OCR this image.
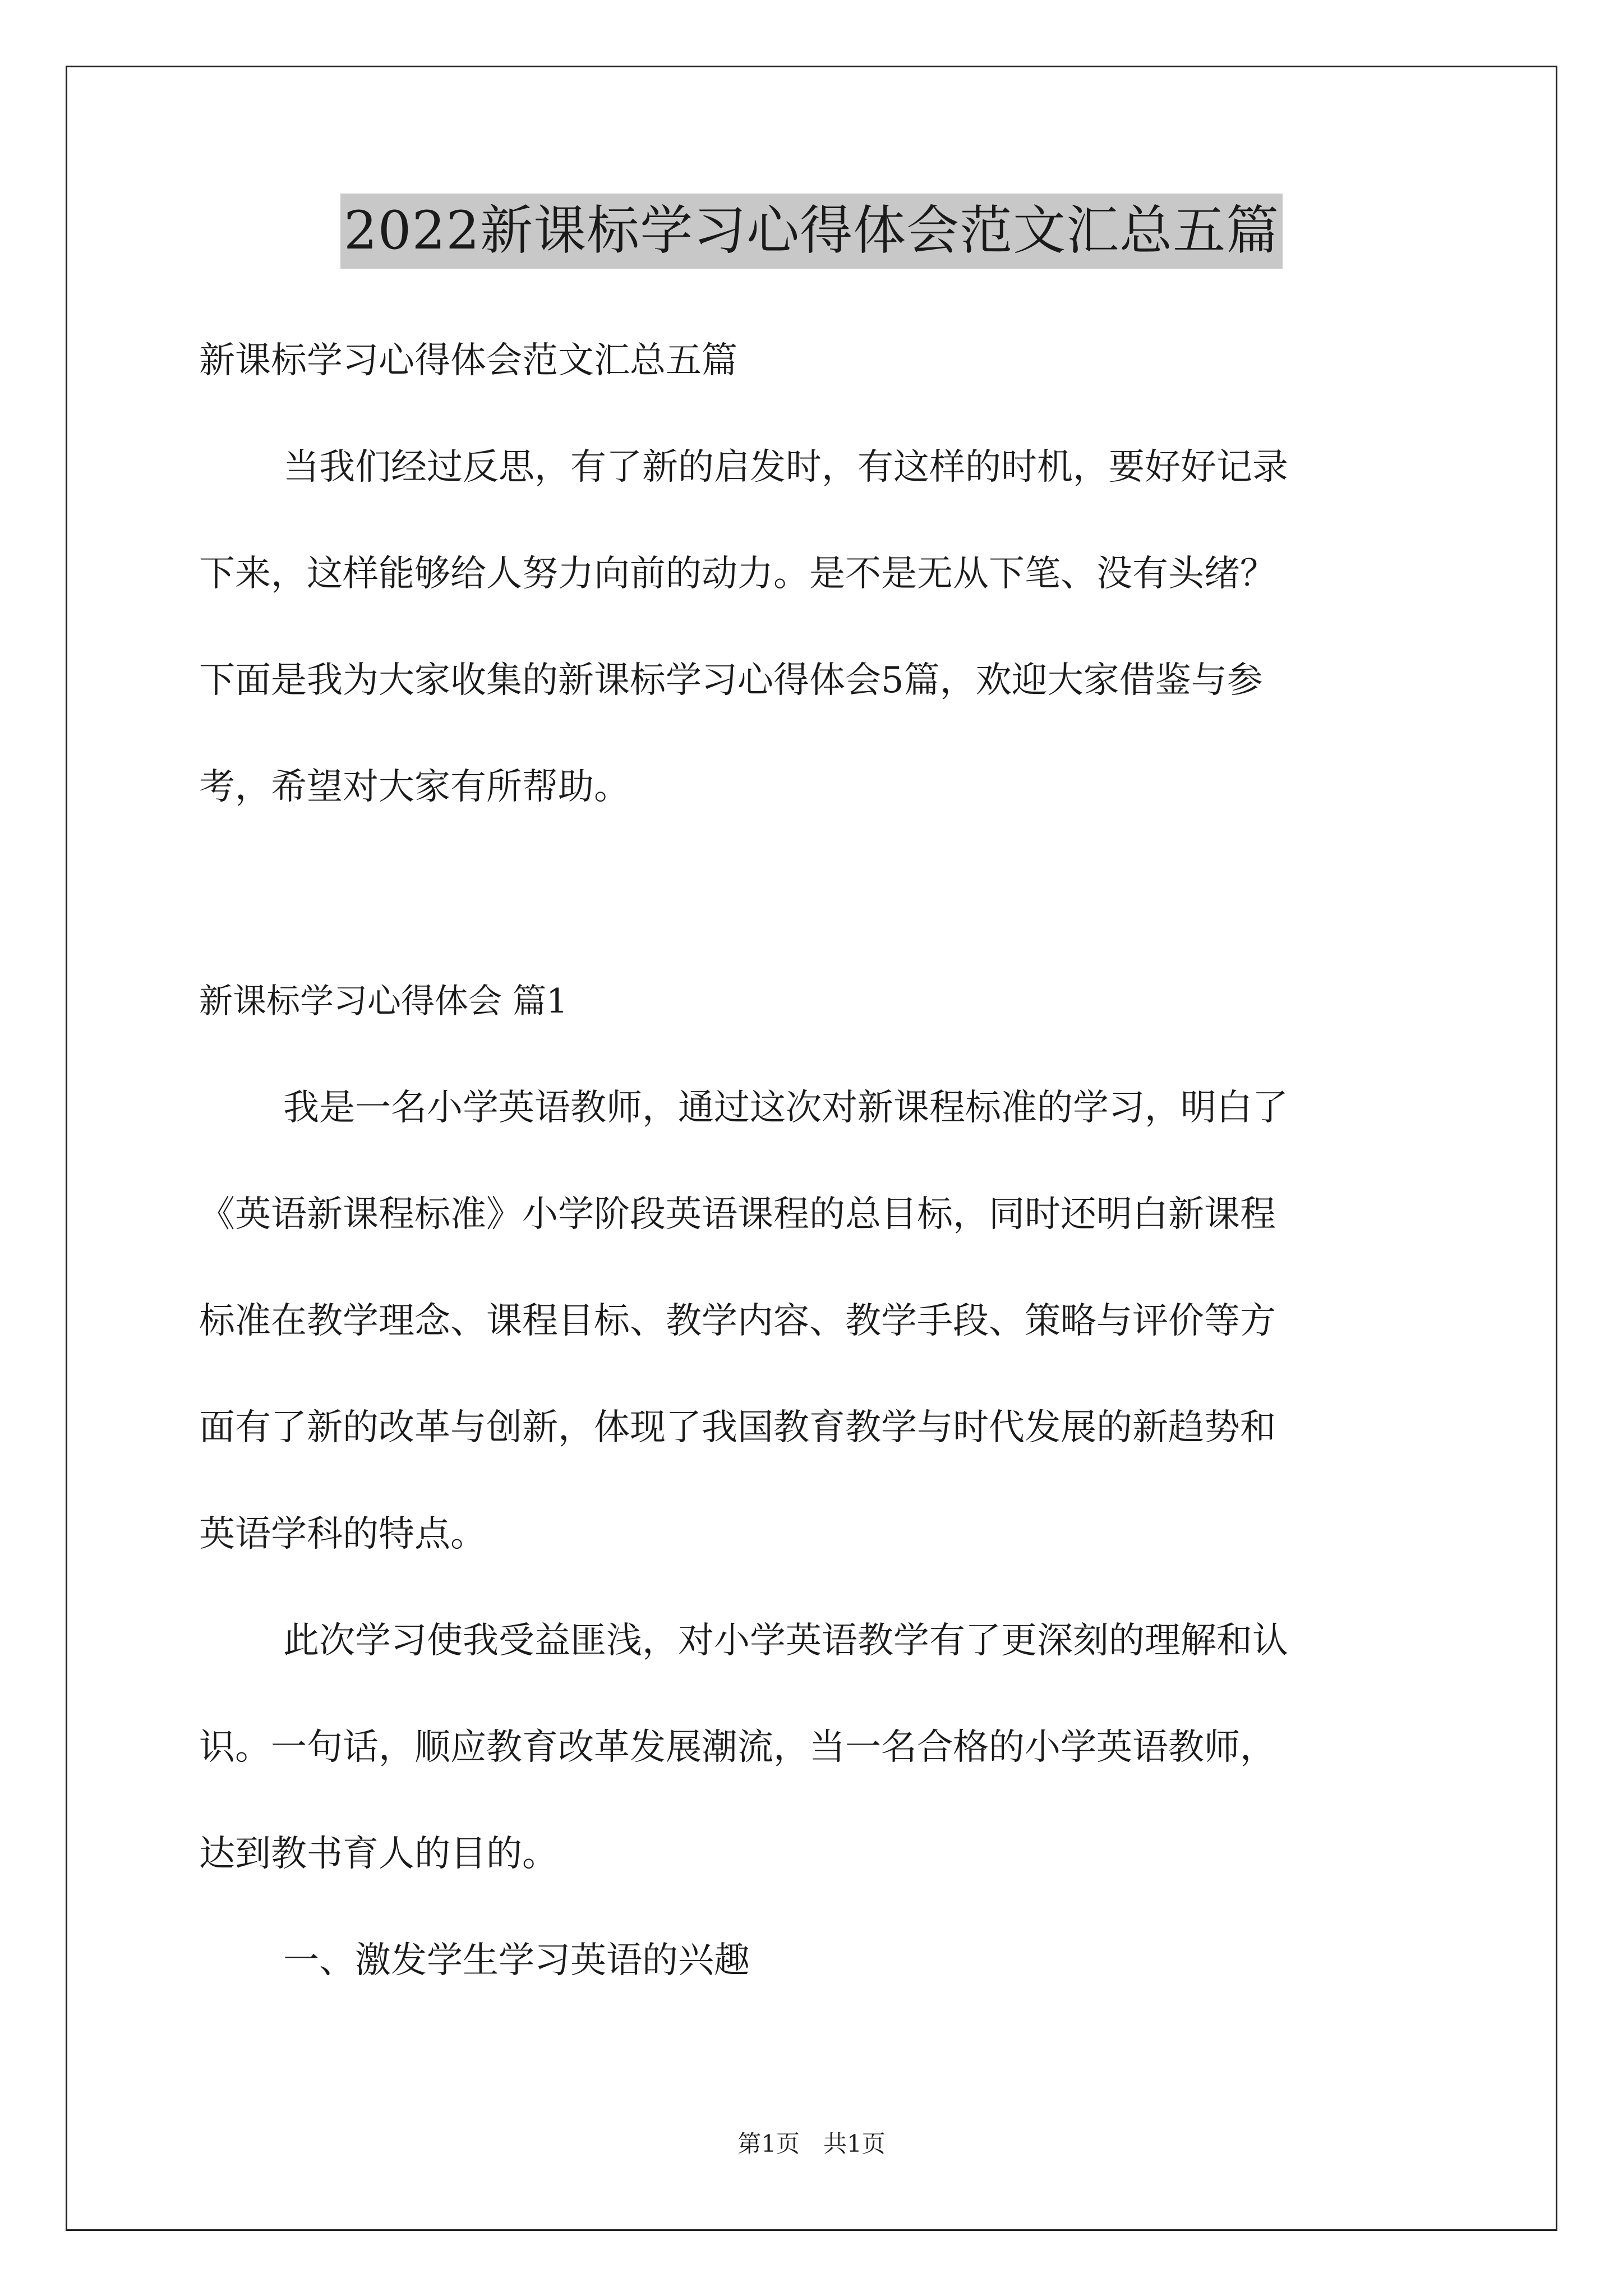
2022新课标学习心得体会范文汇总五篇

新课标学习心得体会范文汇总五篇

当我们经过反思，有了新的启发时，有这样的时机，要好好记录

下来，这样能够给人努力向前的动力。是不是无从下笔、没有头绪？

下面是我为大家收集的新课标学习心得体会5篇，欢迎大家借鉴与参

考，希望对大家有所帮助。

新课标学习心得体会 篇1

我是一名小学英语教师，通过这次对新课程标准的学习，明白了

《英语新课程标准》小学阶段英语课程的总目标，同时还明白新课程

标准在教学理念、课程目标、教学内容、教学手段、策略与评价等方

面有了新的改革与创新，体现了我国教育教学与时代发展的新趋势和

英语学科的特点。

此次学习使我受益匪浅，对小学英语教学有了更深刻的理解和认

识。一句话，顺应教育改革发展潮流，当一名合格的小学英语教师，

达到教书育人的目的。

一、激发学生学习英语的兴趣

第1页　共1页
